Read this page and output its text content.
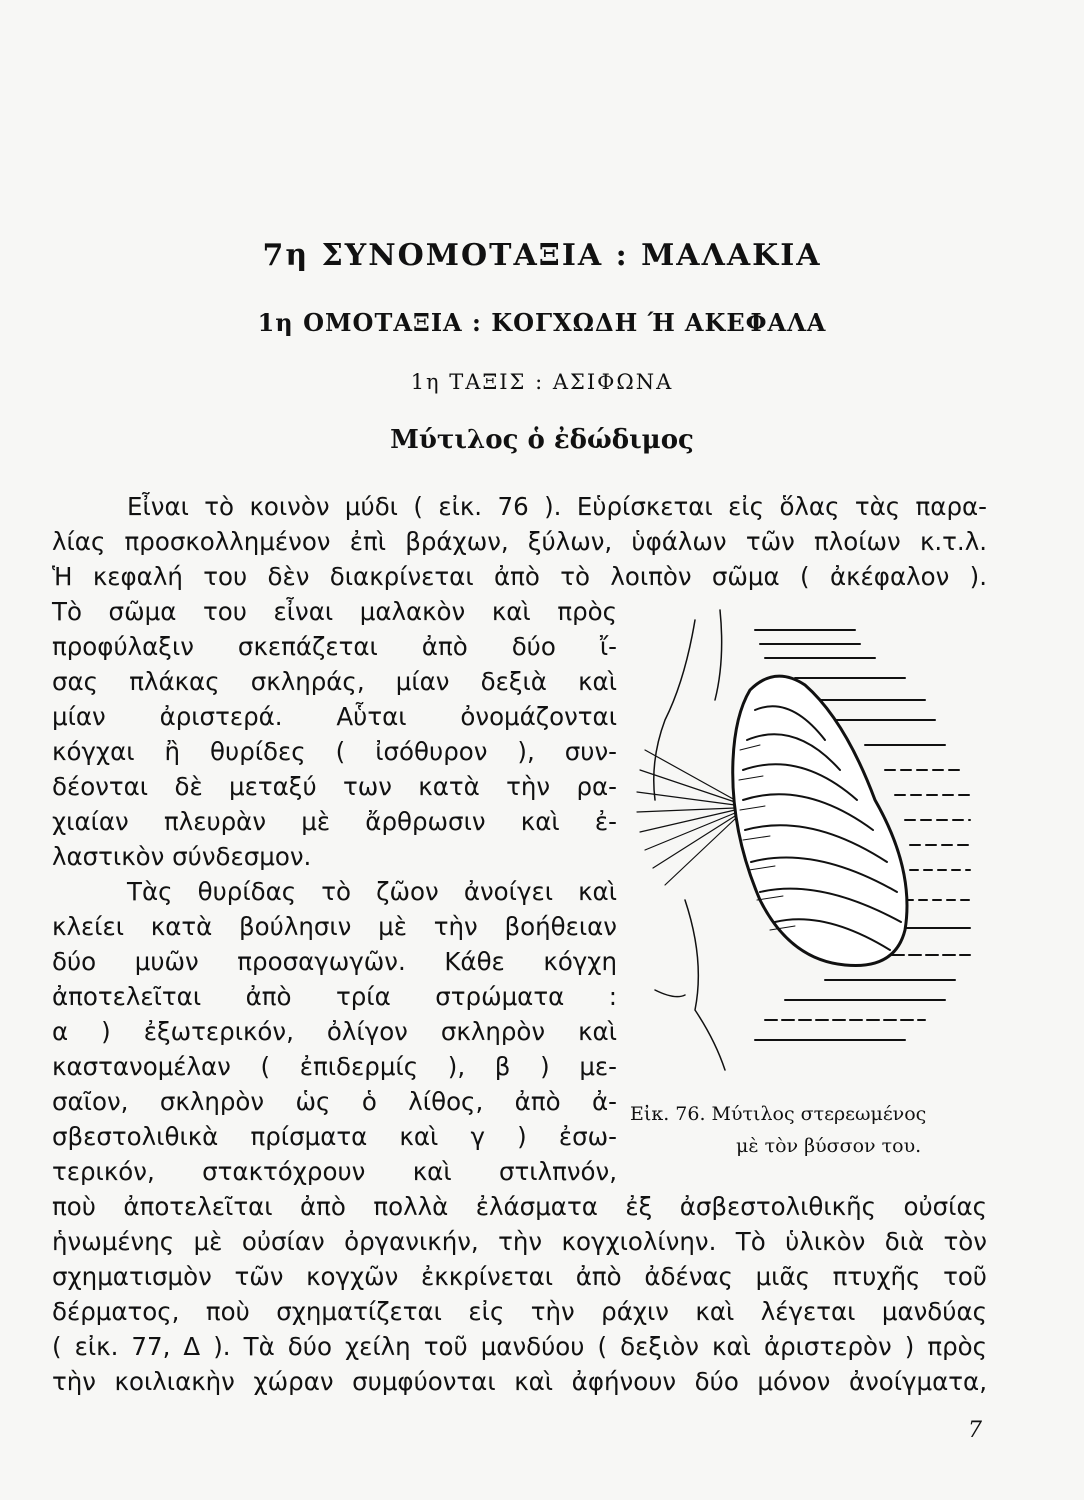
7η ΣΥΝΟΜΟΤΑΞΙΑ : ΜΑΛΑΚΙΑ
1η ΟΜΟΤΑΞΙΑ : ΚΟΓΧΩΔΗ Ή ΑΚΕΦΑΛΑ
1η ΤΑΞΙΣ : ΑΣΙΦΩΝΑ
Μύτιλος ὁ ἐδώδιμος
Εἶναι τὸ κοινὸν μύδι ( εἰκ. 76 ). Εὑρίσκεται εἰς ὅλας τὰς παρα-
λίας προσκολλημένον ἐπὶ βράχων, ξύλων, ὑφάλων τῶν πλοίων κ.τ.λ.
Ἡ κεφαλή του δὲν διακρίνεται ἀπὸ τὸ λοιπὸν σῶμα ( ἀκέφαλον ).
Τὸ σῶμα του εἶναι μαλακὸν καὶ πρὸς
προφύλαξιν σκεπάζεται ἀπὸ δύο ἴ-
σας πλάκας σκληράς, μίαν δεξιὰ καὶ
μίαν ἀριστερά. Αὗται ὀνομάζονται
κόγχαι ἢ θυρίδες ( ἰσόθυρον ), συν-
δέονται δὲ μεταξύ των κατὰ τὴν ρα-
χιαίαν πλευρὰν μὲ ἄρθρωσιν καὶ ἐ-
λαστικὸν σύνδεσμον.
Τὰς θυρίδας τὸ ζῶον ἀνοίγει καὶ
κλείει κατὰ βούλησιν μὲ τὴν βοήθειαν
δύο μυῶν προσαγωγῶν. Κάθε κόγχη
ἀποτελεῖται ἀπὸ τρία στρώματα :
α ) ἐξωτερικόν, ὀλίγον σκληρὸν καὶ
καστανομέλαν ( ἐπιδερμίς ), β ) με-
σαῖον, σκληρὸν ὡς ὁ λίθος, ἀπὸ ἀ-
σβεστολιθικὰ πρίσματα καὶ γ ) ἐσω-
τερικόν, στακτόχρουν καὶ στιλπνόν,
ποὺ ἀποτελεῖται ἀπὸ πολλὰ ἐλάσματα ἐξ ἀσβεστολιθικῆς οὐσίας
ἡνωμένης μὲ οὐσίαν ὀργανικήν, τὴν κογχιολίνην. Τὸ ὑλικὸν διὰ τὸν
σχηματισμὸν τῶν κογχῶν ἐκκρίνεται ἀπὸ ἀδένας μιᾶς πτυχῆς τοῦ
δέρματος, ποὺ σχηματίζεται εἰς τὴν ράχιν καὶ λέγεται μανδύας
( εἰκ. 77, Δ ). Τὰ δύο χείλη τοῦ μανδύου ( δεξιὸν καὶ ἀριστερὸν ) πρὸς
τὴν κοιλιακὴν χώραν συμφύονται καὶ ἀφήνουν δύο μόνον ἀνοίγματα,
Εἰκ. 76. Μύτιλος στερεωμένος
μὲ τὸν βύσσον του.
7
